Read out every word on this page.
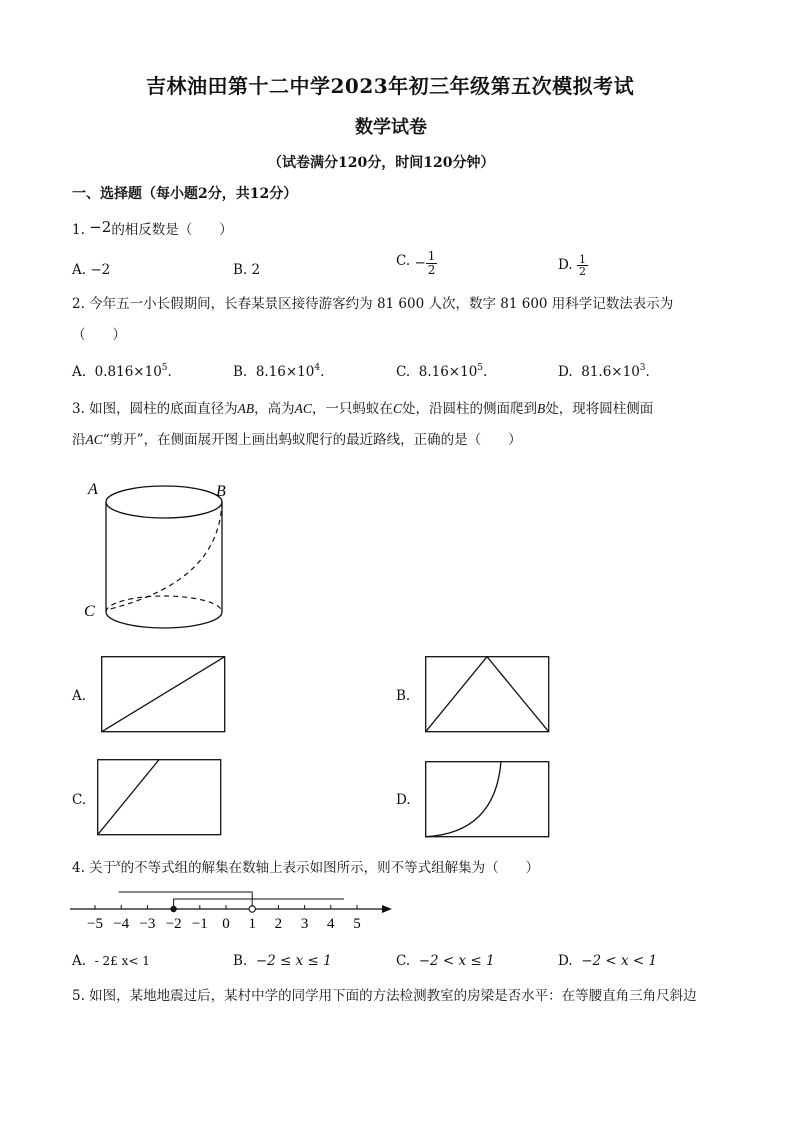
吉林油田第十二中学2023年初三年级第五次模拟考试
数学试卷
（试卷满分120分，时间120分钟）
一、选择题（每小题2分，共12分）
1. −2的相反数是（　　）
A. −2	B. 2
C. − $\frac{1}{2}$	D. $\frac{1}{2}$
2. 今年五一小长假期间，长春某景区接待游客约为 81 600 人次，数字 81 600 用科学记数法表示为
（　　）
A. $0.816\times 10^5$.	B. $8.16\times 10^4$.	C. $8.16\times 10^5$.	D. $81.6\times 10^3$.
3. 如图，圆柱的底面直径为AB，高为AC，一只蚂蚁在C处，沿圆柱的侧面爬到B处，现将圆柱侧面
沿AC“剪开”，在侧面展开图上画出蚂蚁爬行的最近路线，正确的是（　　）
A	B
C
A.	B.
C.	D.
4. 关于$^x$的不等式组的解集在数轴上表示如图所示，则不等式组解集为（　　）
−5 −4 −3 −2 −1 0 1 2 3 4 5
A. - 2£ x< 1	B. −2 ≤ x ≤ 1	C. −2 < x ≤ 1	D. −2 < x < 1
5. 如图，某地地震过后，某村中学的同学用下面的方法检测教室的房梁是否水平：在等腰直角三角尺斜边
